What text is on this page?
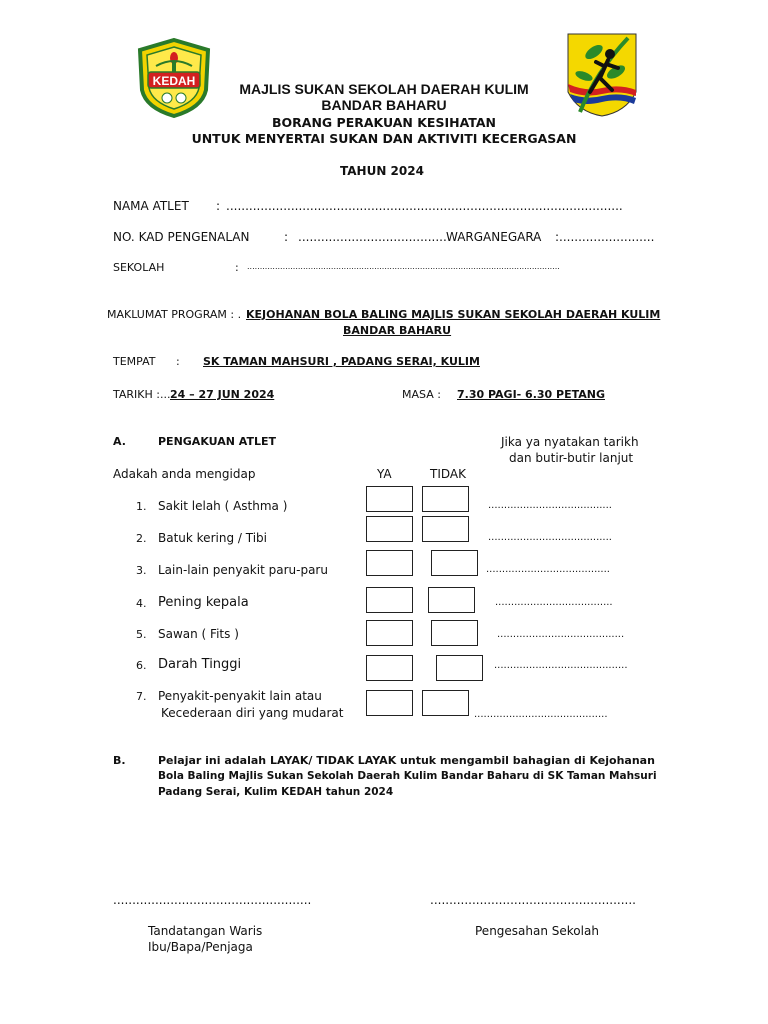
KEDAH	MAJLIS SUKAN SEKOLAH DAERAH KULIM
BANDAR BAHARU
BORANG PERAKUAN KESIHATAN
UNTUK MENYERTAI SUKAN DAN AKTIVITI KECERGASAN
TAHUN 2024
NAMA ATLET : ........................................................................................................
NO. KAD PENGENALAN	: ....................................... WARGANEGARA :.........................
SEKOLAH	: ...........................................................................................................................
MAKLUMAT PROGRAM : . KEJOHANAN BOLA BALING MAJLIS SUKAN SEKOLAH DAERAH KULIM
BANDAR BAHARU
TEMPAT : SK TAMAN MAHSURI , PADANG SERAI, KULIM
TARIKH :... 24 – 27 JUN 2024	MASA : 7.30 PAGI- 6.30 PETANG
A.	PENGAKUAN ATLET	Jika ya nyatakan tarikh
dan butir-butir lanjut
Adakah anda mengidap	YA	TIDAK
1. Sakit lelah ( Asthma )	.......................................
2. Batuk kering / Tibi	.......................................
3. Lain-lain penyakit paru-paru	.......................................
4. Pening kepala	.....................................
5. Sawan ( Fits )	........................................
6. Darah Tinggi	..........................................
7. Penyakit-penyakit lain atau
Kecederaan diri yang mudarat	..........................................
B.	Pelajar ini adalah LAYAK/ TIDAK LAYAK untuk mengambil bahagian di Kejohanan
Bola Baling Majlis Sukan Sekolah Daerah Kulim Bandar Baharu di SK Taman Mahsuri
Padang Serai, Kulim KEDAH tahun 2024
....................................................	......................................................
Tandatangan Waris
Ibu/Bapa/Penjaga
Pengesahan Sekolah
